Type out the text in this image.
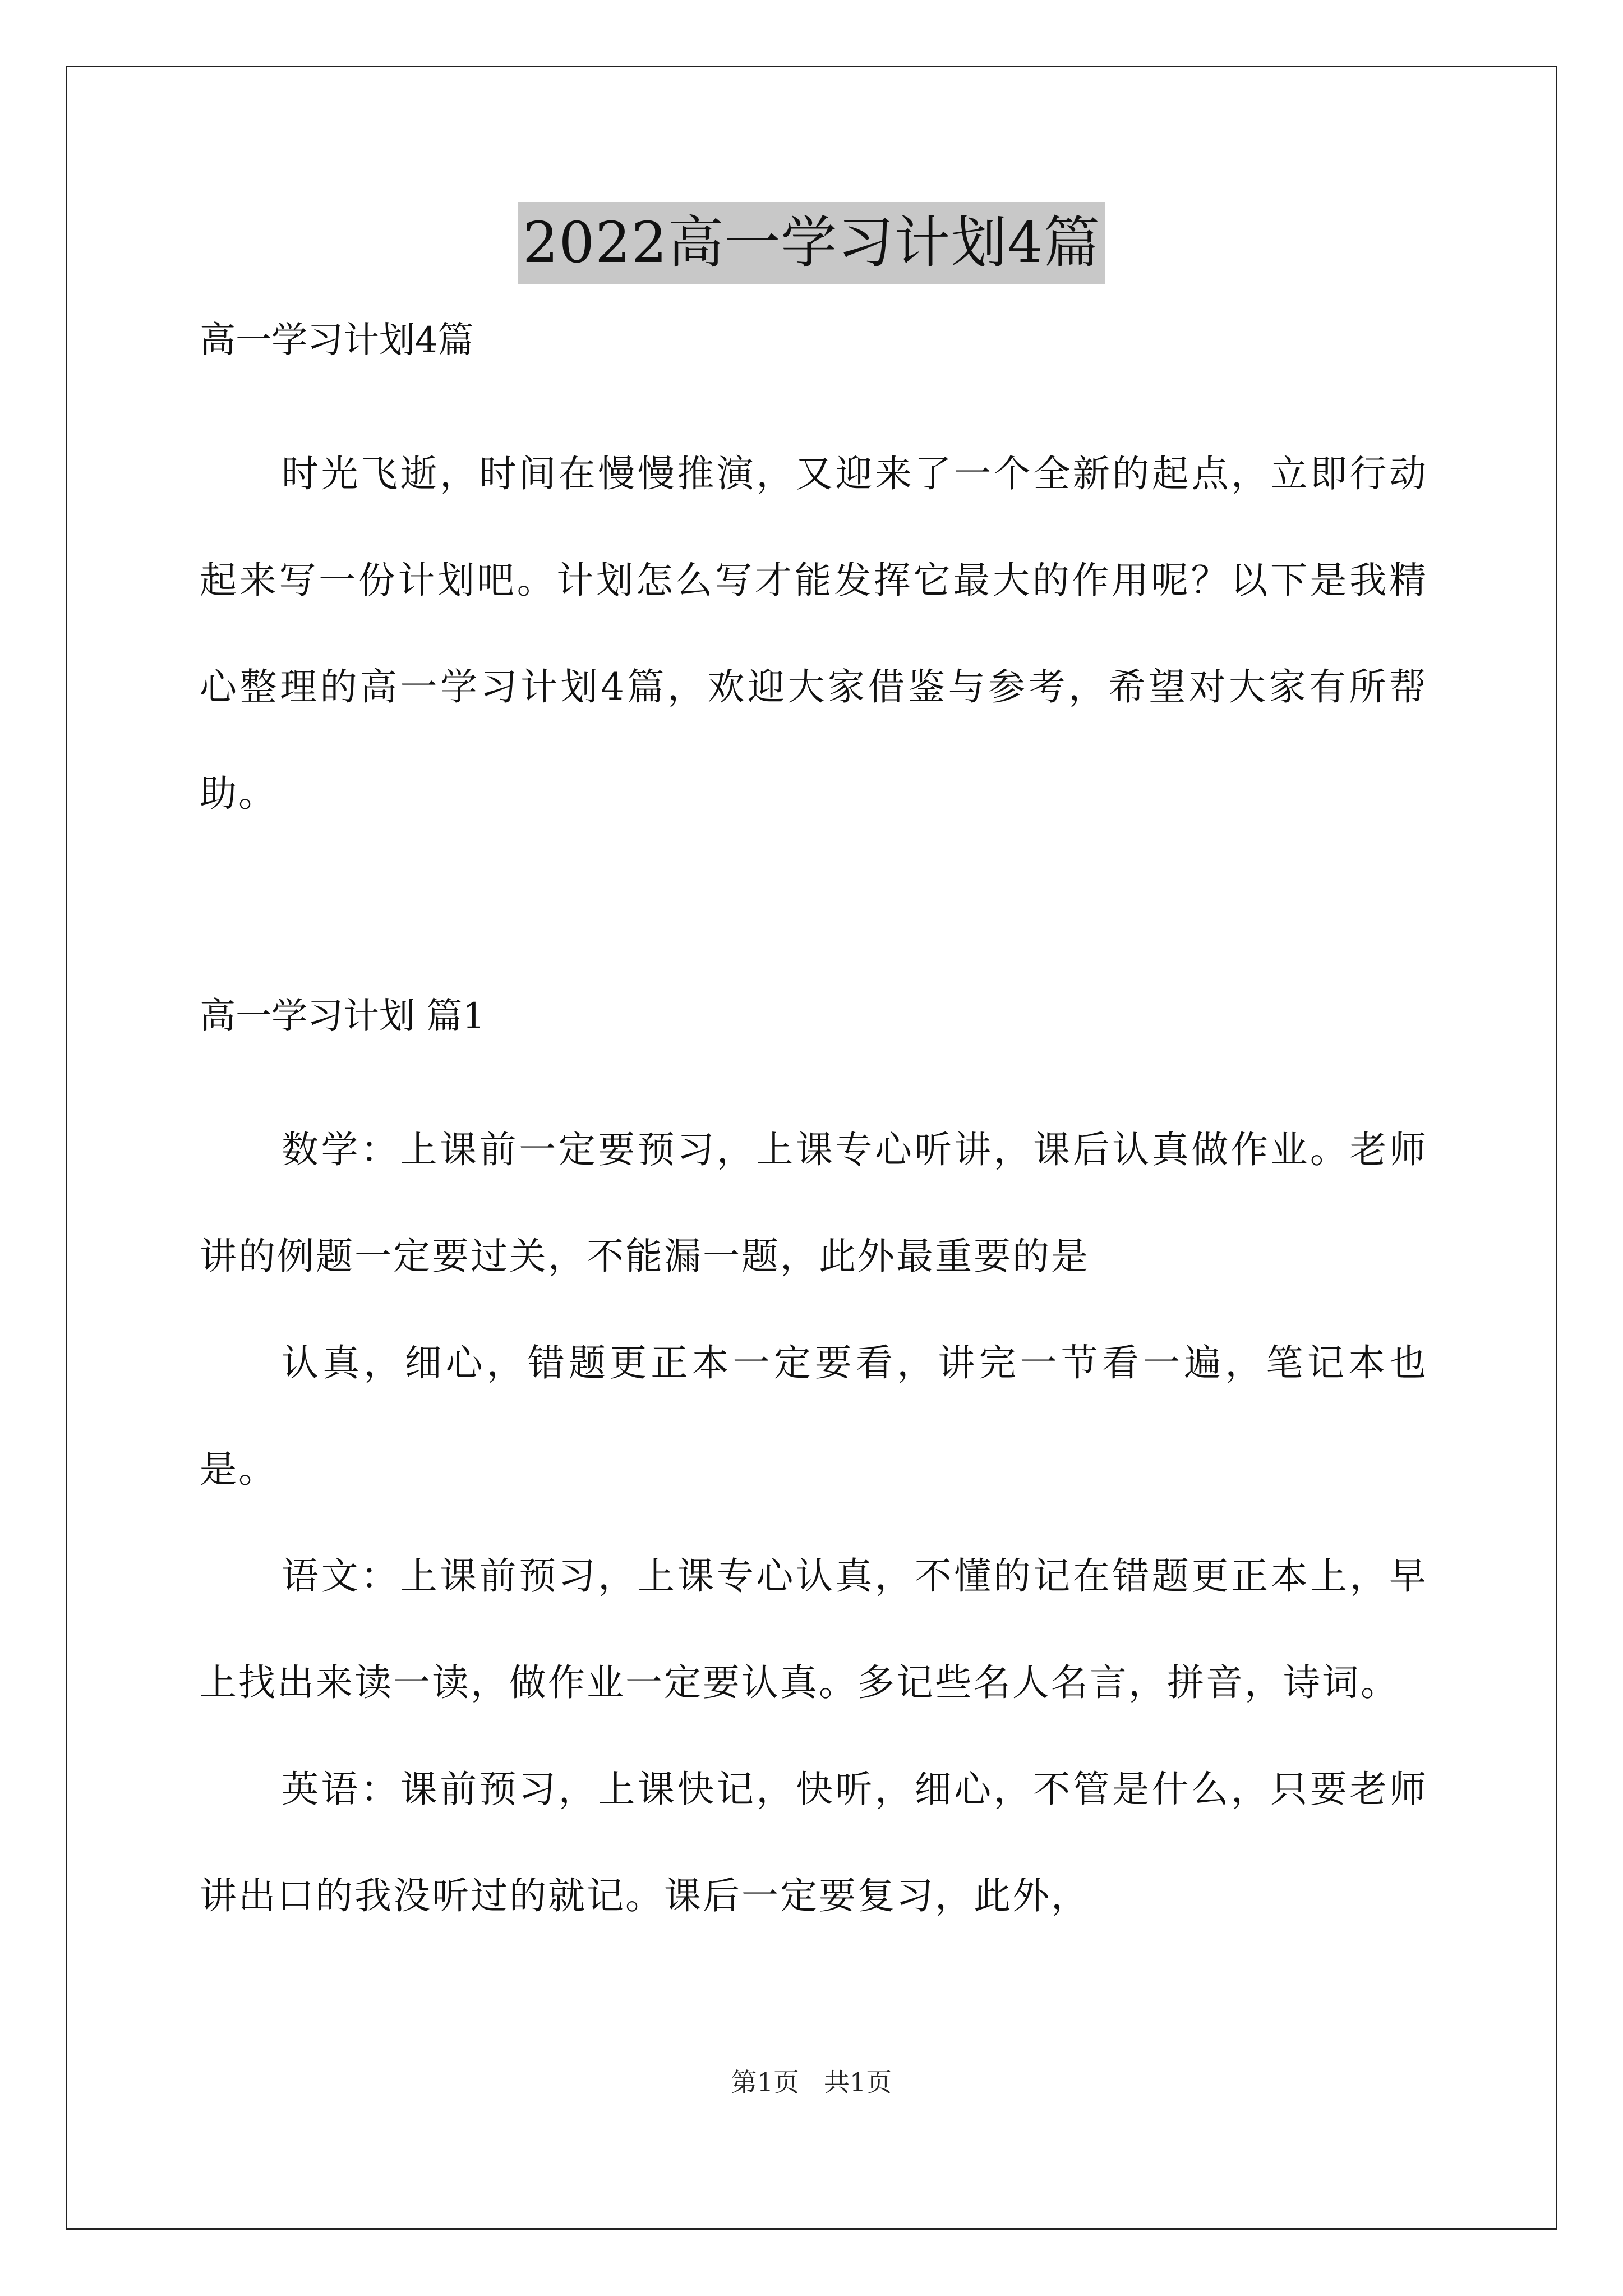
2022高一学习计划4篇

高一学习计划4篇

时光飞逝，时间在慢慢推演，又迎来了一个全新的起点，立即行动起来写一份计划吧。计划怎么写才能发挥它最大的作用呢？以下是我精心整理的高一学习计划4篇，欢迎大家借鉴与参考，希望对大家有所帮助。

高一学习计划 篇1

数学：上课前一定要预习，上课专心听讲，课后认真做作业。老师讲的例题一定要过关，不能漏一题，此外最重要的是

认真，细心，错题更正本一定要看，讲完一节看一遍，笔记本也是。

语文：上课前预习，上课专心认真，不懂的记在错题更正本上，早上找出来读一读，做作业一定要认真。多记些名人名言，拼音，诗词。

英语：课前预习，上课快记，快听，细心，不管是什么，只要老师讲出口的我没听过的就记。课后一定要复习，此外，

第1页 共1页
